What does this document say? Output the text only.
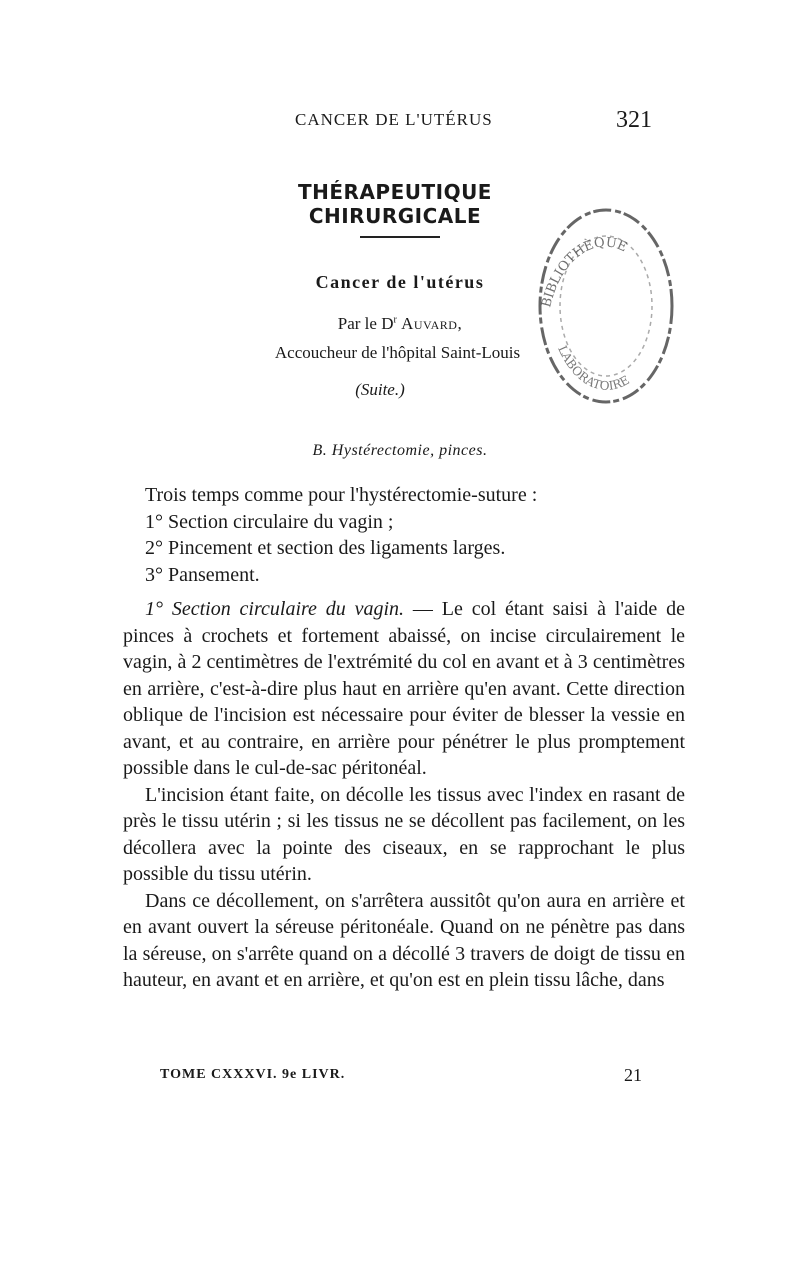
CANCER DE L'UTÉRUS	321
THÉRAPEUTIQUE CHIRURGICALE
Cancer de l'utérus
Par le $D^r$ Auvard,
Accoucheur de l'hôpital Saint-Louis
(Suite.)
B. Hystérectomie, pinces.

Trois temps comme pour l'hystérectomie-suture :

1° Section circulaire du vagin ;

2° Pincement et section des ligaments larges.

3° Pansement.

1° Section circulaire du vagin. — Le col étant saisi à l'aide de pinces à crochets et fortement abaissé, on incise circulairement le vagin, à 2 centimètres de l'extrémité du col en avant et à 3 centimètres en arrière, c'est-à-dire plus haut en arrière qu'en avant. Cette direction oblique de l'incision est nécessaire pour éviter de blesser la vessie en avant, et au contraire, en arrière pour pénétrer le plus promptement possible dans le cul-de-sac péritonéal.

L'incision étant faite, on décolle les tissus avec l'index en rasant de près le tissu utérin ; si les tissus ne se décollent pas facilement, on les décollera avec la pointe des ciseaux, en se rapprochant le plus possible du tissu utérin.

Dans ce décollement, on s'arrêtera aussitôt qu'on aura en arrière et en avant ouvert la séreuse péritonéale. Quand on ne pénètre pas dans la séreuse, on s'arrête quand on a décollé 3 travers de doigt de tissu en hauteur, en avant et en arrière, et qu'on est en plein tissu lâche, dans

TOME CXXXVI. 9e LIVR.	21
BIBLIOTHÈQUE
LABORATOIRE
